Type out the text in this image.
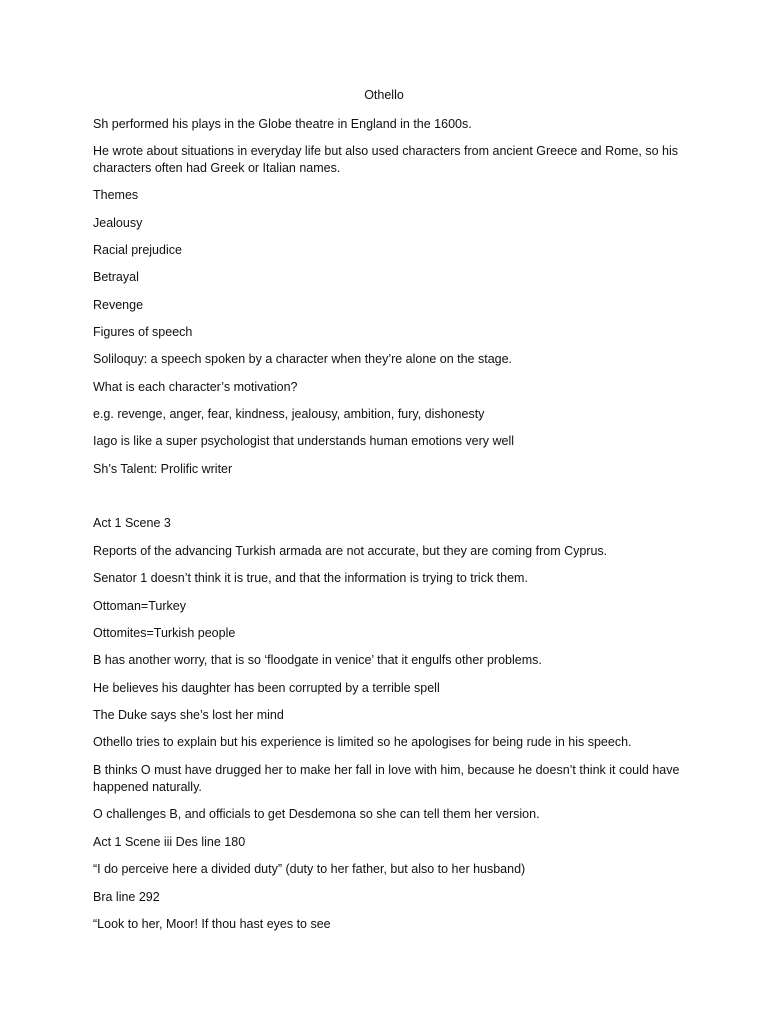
Othello
Sh performed his plays in the Globe theatre in England in the 1600s.
He wrote about situations in everyday life but also used characters from ancient Greece and Rome, so his characters often had Greek or Italian names.
Themes
Jealousy
Racial prejudice
Betrayal
Revenge
Figures of speech
Soliloquy: a speech spoken by a character when they’re alone on the stage.
What is each character’s motivation?
e.g. revenge, anger, fear, kindness, jealousy, ambition, fury, dishonesty
Iago is like a super psychologist that understands human emotions very well
Sh’s Talent: Prolific writer
Act 1 Scene 3
Reports of the advancing Turkish armada are not accurate, but they are coming from Cyprus.
Senator 1 doesn’t think it is true, and that the information is trying to trick them.
Ottoman=Turkey
Ottomites=Turkish people
B has another worry, that is so ‘floodgate in venice’ that it engulfs other problems.
He believes his daughter has been corrupted by a terrible spell
The Duke says she’s lost her mind
Othello tries to explain but his experience is limited so he apologises for being rude in his speech.
B thinks O must have drugged her to make her fall in love with him, because he doesn’t think it could have happened naturally.
O challenges B, and officials to get Desdemona so she can tell them her version.
Act 1 Scene iii Des line 180
“I do perceive here a divided duty” (duty to her father, but also to her husband)
Bra line 292
“Look to her, Moor! If thou hast eyes to see
